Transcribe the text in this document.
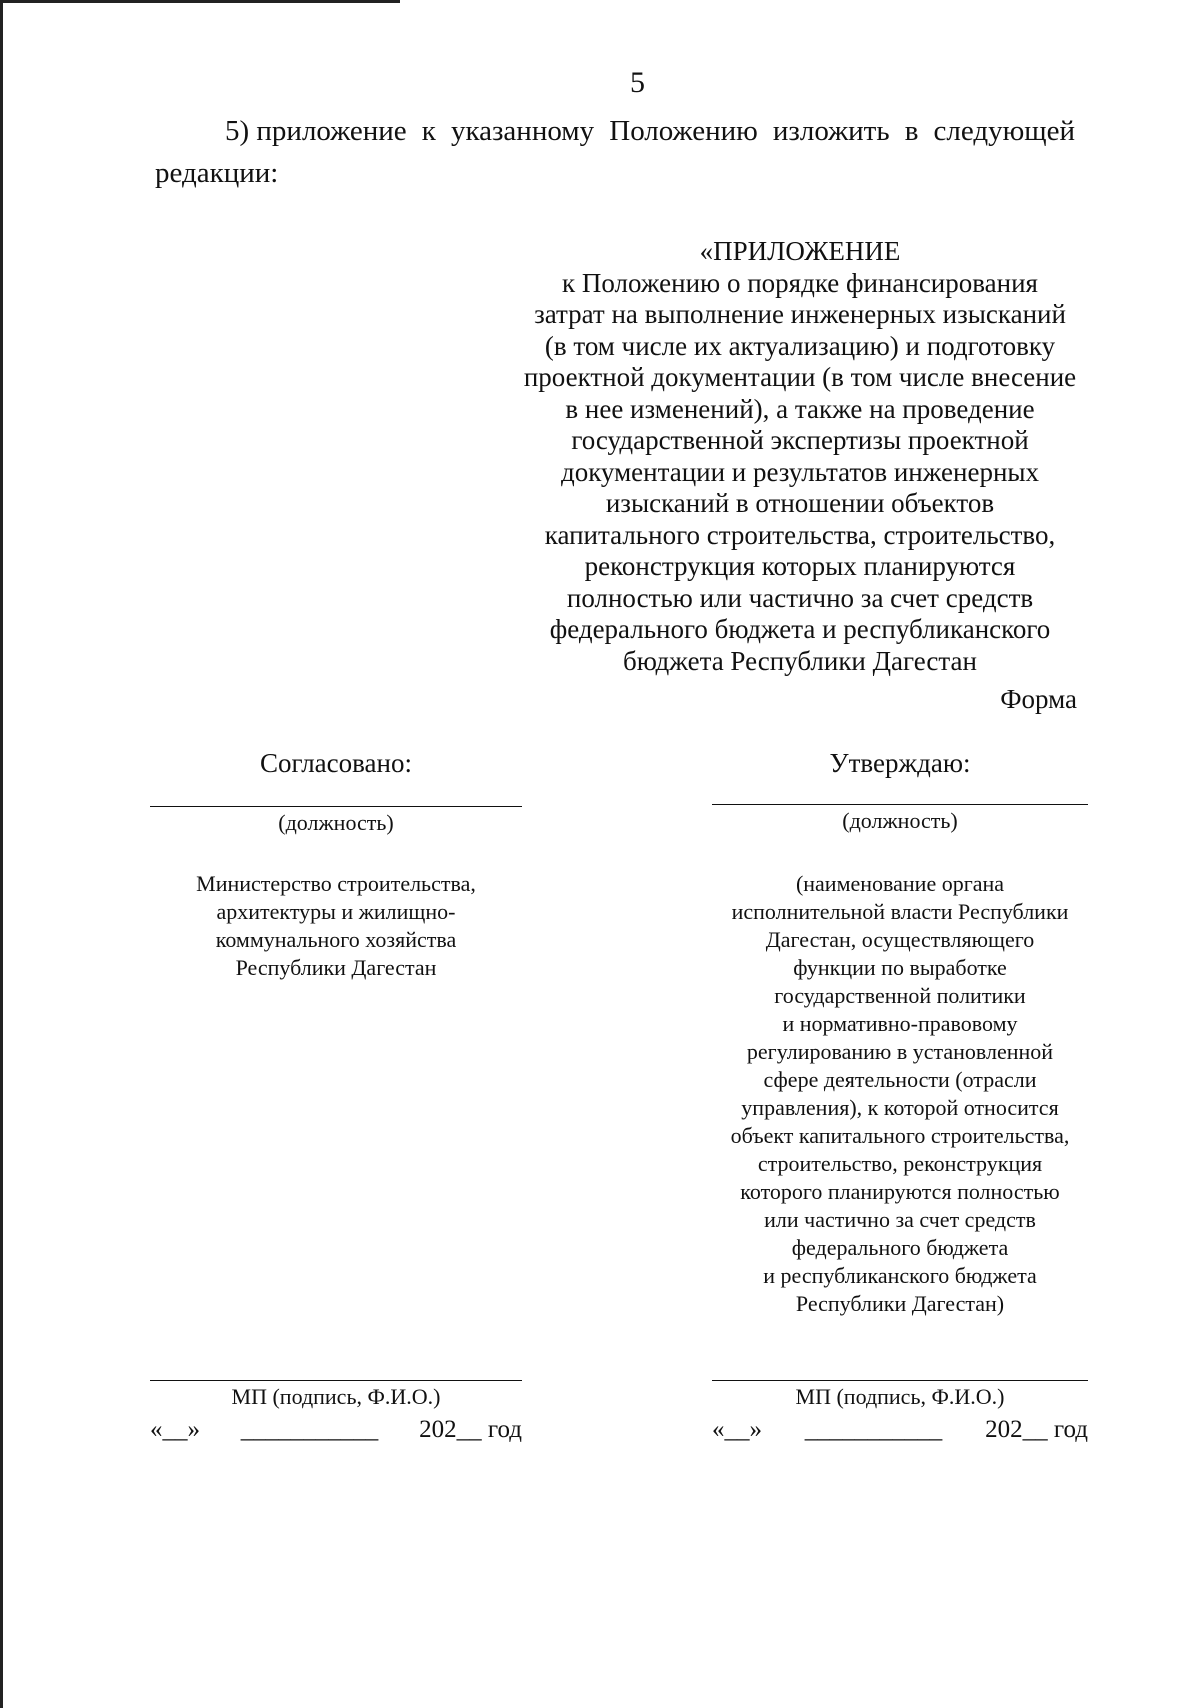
5
5) приложение к указанному Положению изложить в следующей
редакции:
«ПРИЛОЖЕНИЕ
к Положению о порядке финансирования
затрат на выполнение инженерных изысканий
(в том числе их актуализацию) и подготовку
проектной документации (в том числе внесение
в нее изменений), а также на проведение
государственной экспертизы проектной
документации и результатов инженерных
изысканий в отношении объектов
капитального строительства, строительство,
реконструкция которых планируются
полностью или частично за счет средств
федерального бюджета и республиканского
бюджета Республики Дагестан
Форма
Согласовано:
(должность)
Министерство строительства,
архитектуры и жилищно-
коммунального хозяйства
Республики Дагестан
МП (подпись, Ф.И.О.)
«__» ___________ 202__ год
Утверждаю:
(должность)
(наименование органа
исполнительной власти Республики
Дагестан, осуществляющего
функции по выработке
государственной политики
и нормативно-правовому
регулированию в установленной
сфере деятельности (отрасли
управления), к которой относится
объект капитального строительства,
строительство, реконструкция
которого планируются полностью
или частично за счет средств
федерального бюджета
и республиканского бюджета
Республики Дагестан)
МП (подпись, Ф.И.О.)
«__» ___________ 202__ год
